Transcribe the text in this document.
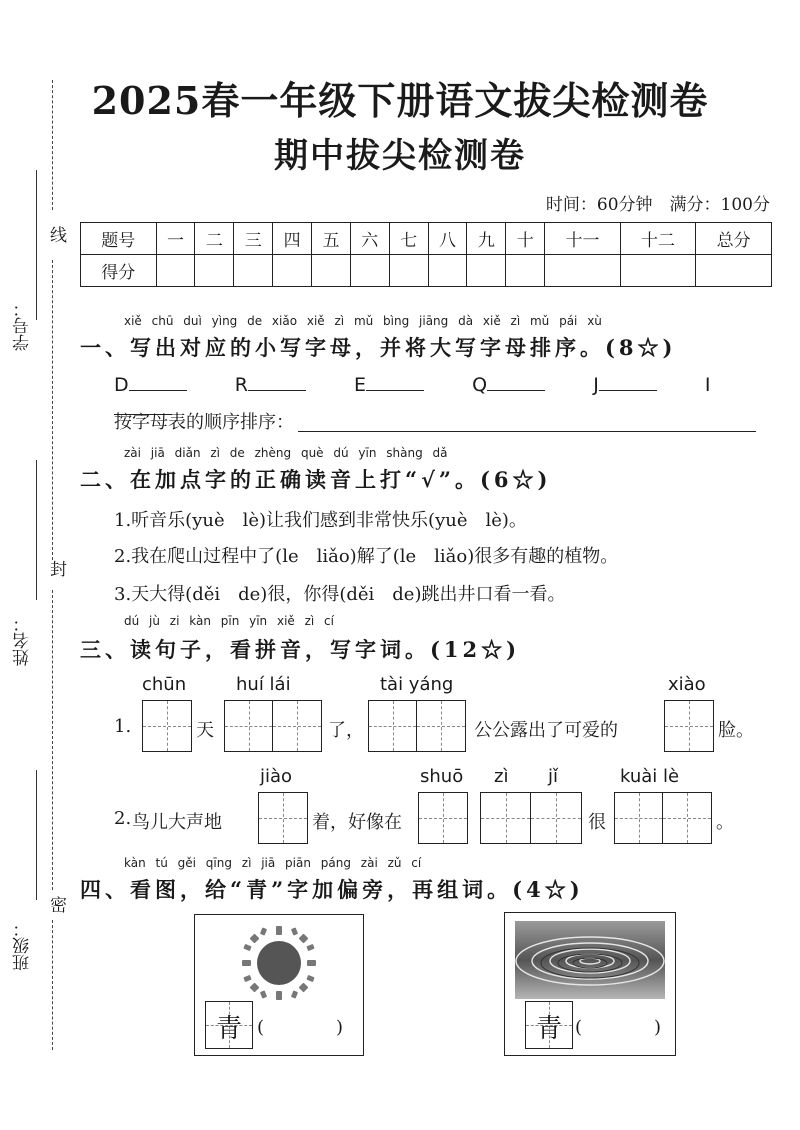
线
学号：
封
姓名：
密
班级：
2025春一年级下册语文拔尖检测卷
期中拔尖检测卷
时间：60分钟　满分：100分
题号	一	二	三	四	五	六	七	八	九	十	十一	十二	总分
得分													
xiě chū duì yìng de xiǎo xiě zì mǔ bìng jiāng dà xiě zì mǔ pái xù
一、写出对应的小写字母，并将大写字母排序。(8☆)
D	R	E	Q	J	I
按字母表的顺序排序：
zài jiā diǎn zì de zhèng què dú yīn shàng dǎ
二、在加点字的正确读音上打“√”。(6☆)
1.听音乐(yuè　lè)让我们感到非常快乐(yuè　lè)。
2.我在爬山过程中了(le　liǎo)解了(le　liǎo)很多有趣的植物。
3.天大得(děi　de)很，你得(děi　de)跳出井口看一看。
dú jù zi kàn pīn yīn xiě zì cí
三、读句子，看拼音，写字词。(12☆)
chūn	huí lái	tài yáng	xiào
1.	天	了，	公公露出了可爱的	脸。
jiào	shuō zì jǐ	kuài lè
2. 鸟儿大声地	着，好像在	很	。
kàn tú gěi qīng zì jiā piān páng zài zǔ cí
四、看图，给“青”字加偏旁，再组词。(4☆)
青 (　　　　)	青 (　　　　)
